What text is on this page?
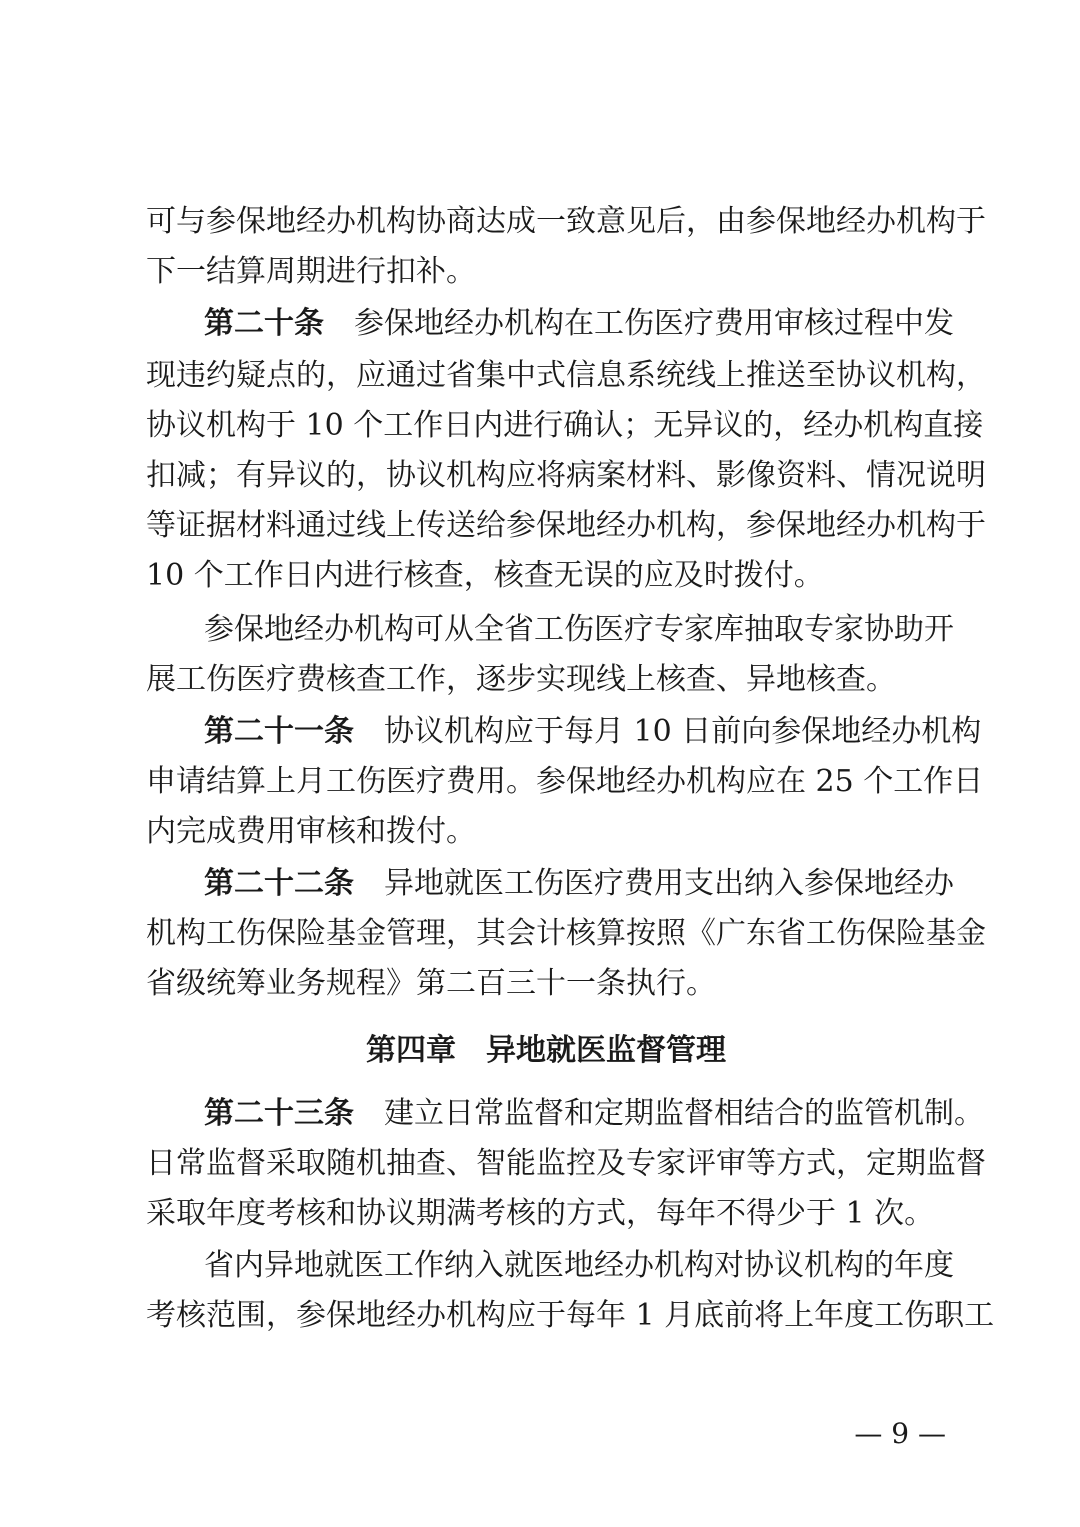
可与参保地经办机构协商达成一致意见后，由参保地经办机构于
下一结算周期进行扣补。
第二十条 参保地经办机构在工伤医疗费用审核过程中发
现违约疑点的，应通过省集中式信息系统线上推送至协议机构，
协议机构于 10 个工作日内进行确认；无异议的，经办机构直接
扣减；有异议的，协议机构应将病案材料、影像资料、情况说明
等证据材料通过线上传送给参保地经办机构，参保地经办机构于
10 个工作日内进行核查，核查无误的应及时拨付。
参保地经办机构可从全省工伤医疗专家库抽取专家协助开
展工伤医疗费核查工作，逐步实现线上核查、异地核查。
第二十一条 协议机构应于每月 10 日前向参保地经办机构
申请结算上月工伤医疗费用。参保地经办机构应在 25 个工作日
内完成费用审核和拨付。
第二十二条 异地就医工伤医疗费用支出纳入参保地经办
机构工伤保险基金管理，其会计核算按照《广东省工伤保险基金
省级统筹业务规程》第二百三十一条执行。
第四章 异地就医监督管理
第二十三条 建立日常监督和定期监督相结合的监管机制。
日常监督采取随机抽查、智能监控及专家评审等方式，定期监督
采取年度考核和协议期满考核的方式，每年不得少于 1 次。
省内异地就医工作纳入就医地经办机构对协议机构的年度
考核范围，参保地经办机构应于每年 1 月底前将上年度工伤职工
— 9 —
